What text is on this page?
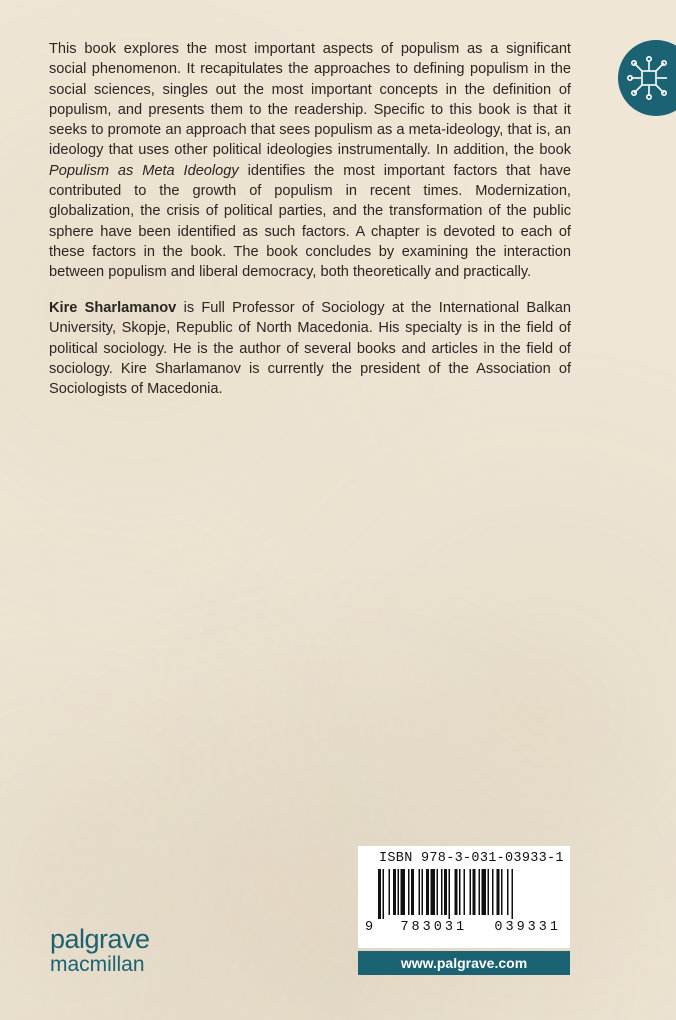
This book explores the most important aspects of populism as a significant social phenomenon. It recapitulates the approaches to defining populism in the social sciences, singles out the most important concepts in the definition of populism, and presents them to the readership. Specific to this book is that it seeks to promote an approach that sees populism as a meta-ideology, that is, an ideology that uses other political ideologies instrumentally. In addition, the book Populism as Meta Ideology identifies the most important factors that have contributed to the growth of populism in recent times. Modernization, globalization, the crisis of political parties, and the transformation of the public sphere have been identified as such factors. A chapter is devoted to each of these factors in the book. The book concludes by examining the interaction between populism and liberal democracy, both theoretically and practically.

Kire Sharlamanov is Full Professor of Sociology at the International Balkan University, Skopje, Republic of North Macedonia. His specialty is in the field of political sociology. He is the author of several books and articles in the field of sociology. Kire Sharlamanov is currently the president of the Association of Sociologists of Macedonia.

ISBN 978-3-031-03933-1
9 783031 039331
www.palgrave.com
palgrave
macmillan
